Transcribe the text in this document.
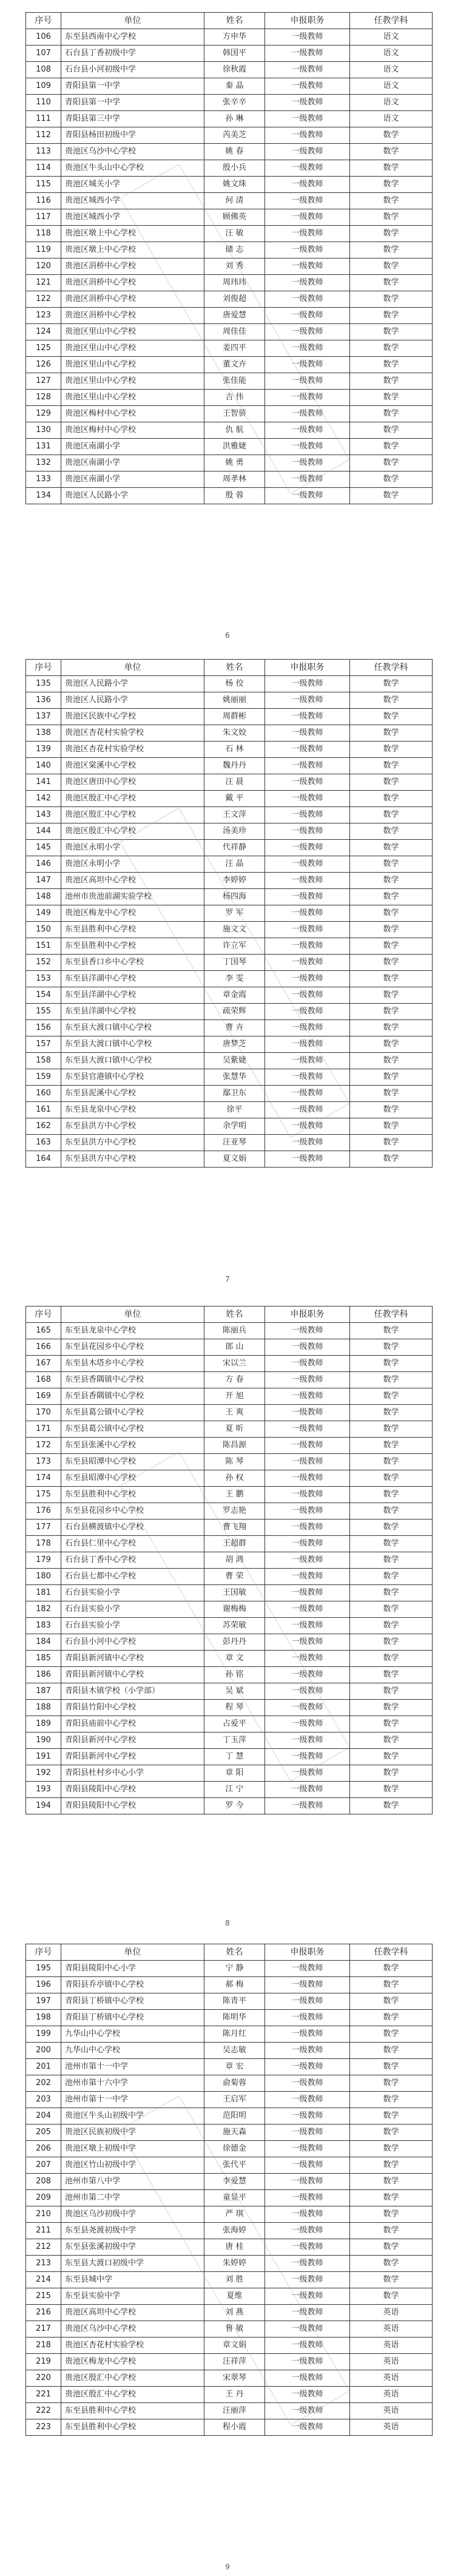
序号	单位	姓名	申报职务	任教学科
106	东至县西南中心学校	方申华	一级教师	语文
107	石台县丁香初级中学	韩国平	一级教师	语文
108	石台县小河初级中学	徐秋霞	一级教师	语文
109	青阳县第一中学	秦 晶	一级教师	语文
110	青阳县第一中学	张辛辛	一级教师	语文
111	青阳县第三中学	孙 琳	一级教师	语文
112	青阳县杨田初级中学	芮美芝	一级教师	数学
113	贵池区乌沙中心学校	姚 春	一级教师	数学
114	贵池区牛头山中心学校	殷小兵	一级教师	数学
115	贵池区城关小学	姚文珠	一级教师	数学
116	贵池区城西小学	何 清	一级教师	数学
117	贵池区城西小学	顾佛英	一级教师	数学
118	贵池区墩上中心学校	汪 敏	一级教师	数学
119	贵池区墩上中心学校	储 志	一级教师	数学
120	贵池区涓桥中心学校	刘 秀	一级教师	数学
121	贵池区涓桥中心学校	周玮玮	一级教师	数学
122	贵池区涓桥中心学校	刘俊超	一级教师	数学
123	贵池区涓桥中心学校	唐爱慧	一级教师	数学
124	贵池区里山中心学校	周佳佳	一级教师	数学
125	贵池区里山中心学校	姜四平	一级教师	数学
126	贵池区里山中心学校	董文卉	一级教师	数学
127	贵池区里山中心学校	张佳能	一级教师	数学
128	贵池区里山中心学校	吉 伟	一级教师	数学
129	贵池区梅村中心学校	王智骄	一级教师	数学
130	贵池区梅村中心学校	仇 航	一级教师	数学
131	贵池区南湖小学	洪雅婕	一级教师	数学
132	贵池区南湖小学	姚 勇	一级教师	数学
133	贵池区南湖小学	周孝林	一级教师	数学
134	贵池区人民路小学	殷 蓉	一级教师	数学
6
序号	单位	姓名	申报职务	任教学科
135	贵池区人民路小学	杨 佼	一级教师	数学
136	贵池区人民路小学	姚丽丽	一级教师	数学
137	贵池区民族中心学校	周群彬	一级教师	数学
138	贵池区杏花村实验学校	朱文姣	一级教师	数学
139	贵池区杏花村实验学校	石 林	一级教师	数学
140	贵池区棠溪中心学校	魏丹丹	一级教师	数学
141	贵池区唐田中心学校	汪 晨	一级教师	数学
142	贵池区殷汇中心学校	戴 平	一级教师	数学
143	贵池区殷汇中心学校	王文萍	一级教师	数学
144	贵池区殷汇中心学校	汤美珍	一级教师	数学
145	贵池区永明小学	代祥静	一级教师	数学
146	贵池区永明小学	汪 晶	一级教师	数学
147	贵池区高坦中心学校	李婷婷	一级教师	数学
148	池州市贵池前湖实验学校	杨四海	一级教师	数学
149	贵池区梅龙中心学校	罗 军	一级教师	数学
150	东至县胜利中心学校	施文文	一级教师	数学
151	东至县胜利中心学校	许立军	一级教师	数学
152	东至县香口乡中心学校	丁国琴	一级教师	数学
153	东至县洋湖中心学校	李 雯	一级教师	数学
154	东至县洋湖中心学校	章金霞	一级教师	数学
155	东至县洋湖中心学校	疏荣辉	一级教师	数学
156	东至县大渡口镇中心学校	曹 卉	一级教师	数学
157	东至县大渡口镇中心学校	唐梦芝	一级教师	数学
158	东至县大渡口镇中心学校	吴紫婕	一级教师	数学
159	东至县官港镇中心学校	张慧华	一级教师	数学
160	东至县泥溪中心学校	鄢卫东	一级教师	数学
161	东至县龙泉中心学校	徐平	一级教师	数学
162	东至县洪方中心学校	余学明	一级教师	数学
163	东至县洪方中心学校	汪亚琴	一级教师	数学
164	东至县洪方中心学校	夏文娟	一级教师	数学
7
序号	单位	姓名	申报职务	任教学科
165	东至县龙泉中心学校	陈丽兵	一级教师	数学
166	东至县花园乡中心学校	郎 山	一级教师	数学
167	东至县木塔乡中心学校	宋以兰	一级教师	数学
168	东至县香隅镇中心学校	方 春	一级教师	数学
169	东至县香隅镇中心学校	开 旭	一级教师	数学
170	东至县葛公镇中心学校	王 爽	一级教师	数学
171	东至县葛公镇中心学校	夏 昕	一级教师	数学
172	东至县张溪中心学校	陈昌源	一级教师	数学
173	东至县昭潭中心学校	陈 琴	一级教师	数学
174	东至县昭潭中心学校	孙 权	一级教师	数学
175	东至县胜利中心学校	王 鹏	一级教师	数学
176	东至县花园乡中心学校	罗志艳	一级教师	数学
177	石台县横渡镇中心学校	曹飞翔	一级教师	数学
178	石台县仁里中心学校	王超群	一级教师	数学
179	石台县丁香中心学校	胡 鸿	一级教师	数学
180	石台县七都中心学校	曹 荣	一级教师	数学
181	石台县实验小学	王国敏	一级教师	数学
182	石台县实验小学	谢梅梅	一级教师	数学
183	石台县实验小学	苏荣敏	一级教师	数学
184	石台县小河中心学校	彭丹丹	一级教师	数学
185	青阳县新河镇中心学校	章 文	一级教师	数学
186	青阳县新河镇中心学校	孙 铭	一级教师	数学
187	青阳县木镇学校（小学部）	吴 斌	一级教师	数学
188	青阳县竹阳中心学校	程 琴	一级教师	数学
189	青阳县庙前中心学校	占爱平	一级教师	数学
190	青阳县新河中心学校	丁玉萍	一级教师	数学
191	青阳县新河中心学校	丁 慧	一级教师	数学
192	青阳县杜村乡中心小学	章 阳	一级教师	数学
193	青阳县陵阳中心学校	江 宁	一级教师	数学
194	青阳县陵阳中心学校	罗 今	一级教师	数学
8
序号	单位	姓名	申报职务	任教学科
195	青阳县陵阳中心小学	宁 静	一级教师	数学
196	青阳县乔亭镇中心学校	郝 梅	一级教师	数学
197	青阳县丁桥镇中心学校	陈青平	一级教师	数学
198	青阳县丁桥镇中心学校	陈明华	一级教师	数学
199	九华山中心学校	陈月红	一级教师	数学
200	九华山中心学校	吴志敏	一级教师	数学
201	池州市第十一中学	章 宏	一级教师	数学
202	池州市第十六中学	俞菊蓉	一级教师	数学
203	池州市第十一中学	王启军	一级教师	数学
204	贵池区牛头山初级中学	范阳明	一级教师	数学
205	贵池区民族初级中学	施天森	一级教师	数学
206	贵池区墩上初级中学	徐德金	一级教师	数学
207	贵池区竹山初级中学	张代平	一级教师	数学
208	池州市第八中学	李爱慧	一级教师	数学
209	池州市第二中学	童显平	一级教师	数学
210	贵池区乌沙初级中学	严 琪	一级教师	数学
211	东至县尧渡初级中学	张海婷	一级教师	数学
212	东至县张溪初级中学	唐 桂	一级教师	数学
213	东至县大渡口初级中学	朱婷婷	一级教师	数学
214	东至县城中学	刘 胜	一级教师	数学
215	东至县实验中学	夏维	一级教师	数学
216	贵池区高坦中心学校	刘 燕	一级教师	英语
217	贵池区乌沙中心学校	鲁 敏	一级教师	英语
218	贵池区杏花村实验学校	章文娟	一级教师	英语
219	贵池区梅龙中心学校	汪祥萍	一级教师	英语
220	贵池区殷汇中心学校	宋翠琴	一级教师	英语
221	贵池区殷汇中心学校	王 丹	一级教师	英语
222	东至县胜利中心学校	汪丽萍	一级教师	英语
223	东至县胜利中心学校	程小霞	一级教师	英语
9
